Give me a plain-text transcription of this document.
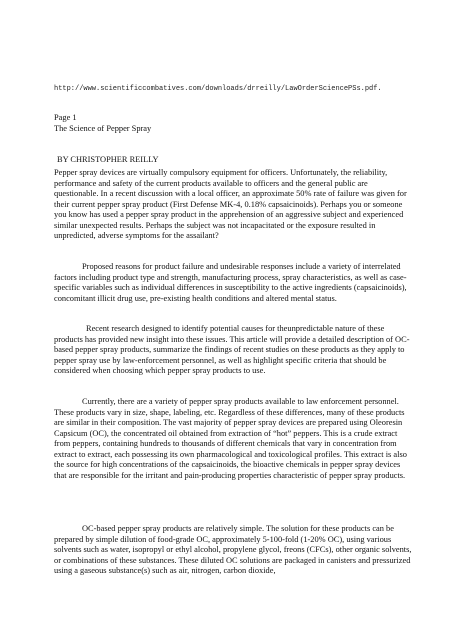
http://www.scientificcombatives.com/downloads/drreilly/LawOrderSciencePSs.pdf.
Page 1
The Science of Pepper Spray
BY CHRISTOPHER REILLY

Pepper spray devices are virtually compulsory equipment for officers. Unfortunately, the reliability, performance and safety of the current products available to officers and the general public are questionable. In a recent discussion with a local officer, an approximate 50% rate of failure was given for their current pepper spray product (First Defense MK-4, 0.18% capsaicinoids). Perhaps you or someone you know has used a pepper spray product in the apprehension of an aggressive subject and experienced similar unexpected results. Perhaps the subject was not incapacitated or the exposure resulted in unpredicted, adverse symptoms for the assailant?

Proposed reasons for product failure and undesirable responses include a variety of interrelated factors including product type and strength, manufacturing process, spray characteristics, as well as case-specific variables such as individual differences in susceptibility to the active ingredients (capsaicinoids), concomitant illicit drug use, pre-existing health conditions and altered mental status.

Recent research designed to identify potential causes for theunpredictable nature of these products has provided new insight into these issues. This article will provide a detailed description of OC-based pepper spray products, summarize the findings of recent studies on these products as they apply to pepper spray use by law-enforcement personnel, as well as highlight specific criteria that should be considered when choosing which pepper spray products to use.

Currently, there are a variety of pepper spray products available to law enforcement personnel. These products vary in size, shape, labeling, etc. Regardless of these differences, many of these products are similar in their composition. The vast majority of pepper spray devices are prepared using Oleoresin Capsicum (OC), the concentrated oil obtained from extraction of “hot” peppers. This is a crude extract from peppers, containing hundreds to thousands of different chemicals that vary in concentration from extract to extract, each possessing its own pharmacological and toxicological profiles. This extract is also the source for high concentrations of the capsaicinoids, the bioactive chemicals in pepper spray devices that are responsible for the irritant and pain-producing properties characteristic of pepper spray products.

OC-based pepper spray products are relatively simple. The solution for these products can be prepared by simple dilution of food-grade OC, approximately 5-100-fold (1-20% OC), using various solvents such as water, isopropyl or ethyl alcohol, propylene glycol, freons (CFCs), other organic solvents, or combinations of these substances. These diluted OC solutions are packaged in canisters and pressurized using a gaseous substance(s) such as air, nitrogen, carbon dioxide,
